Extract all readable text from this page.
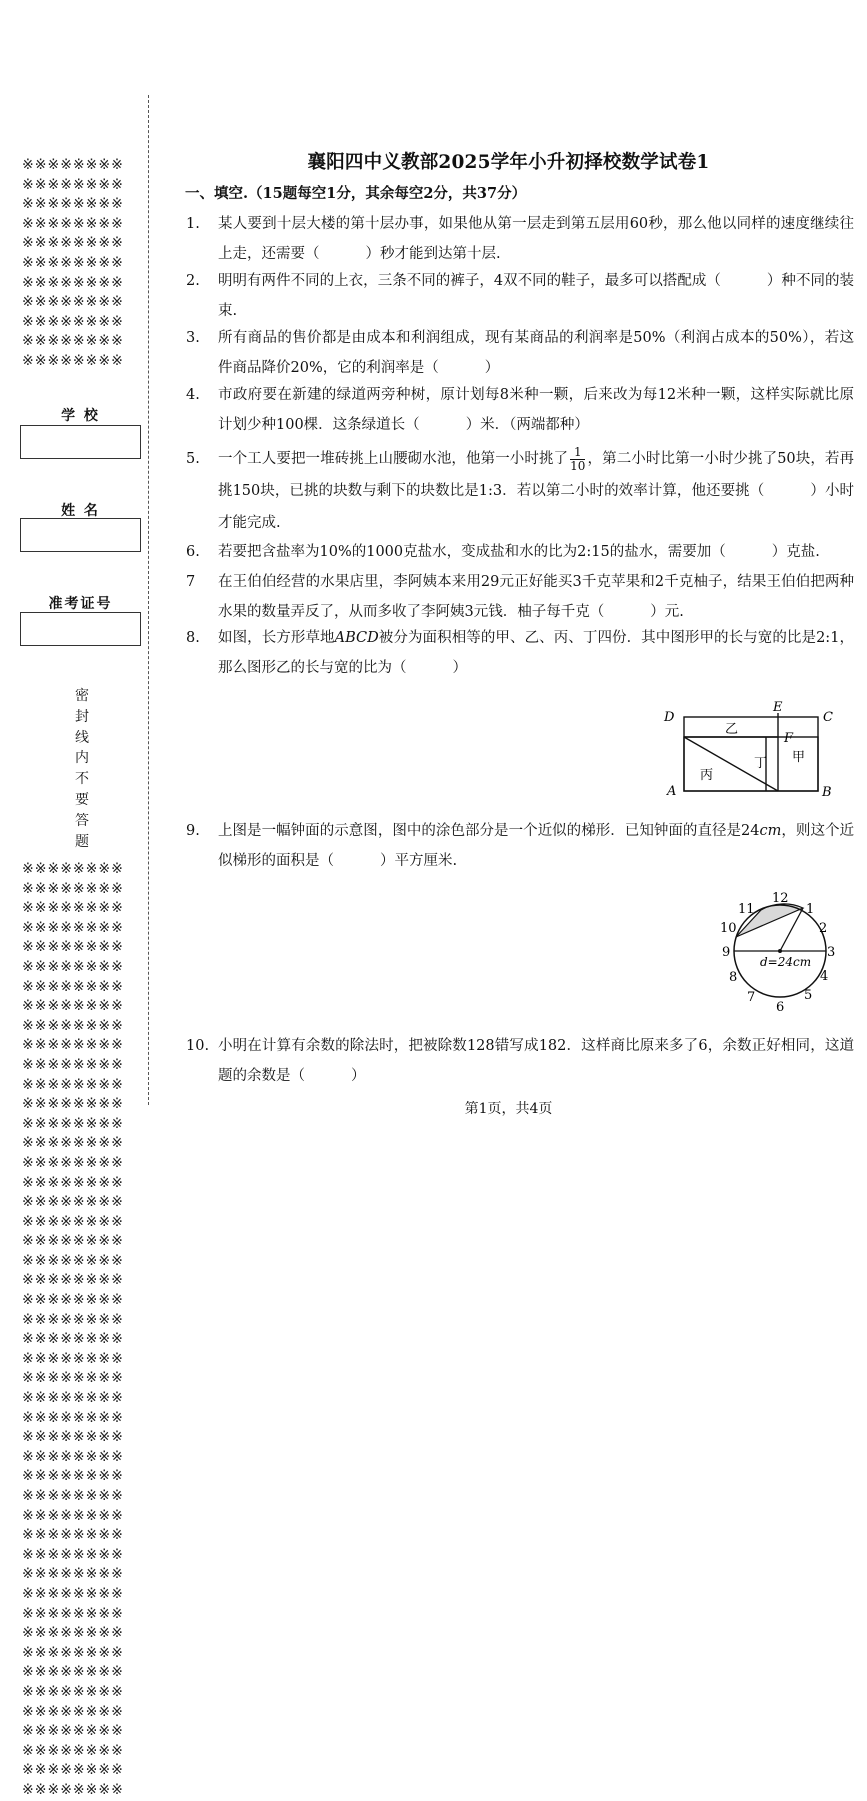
※※※※※※※※
※※※※※※※※
※※※※※※※※
※※※※※※※※
※※※※※※※※
※※※※※※※※
※※※※※※※※
※※※※※※※※
※※※※※※※※
※※※※※※※※
※※※※※※※※
学 校
姓 名
准考证号
密封线内不要答题
※※※※※※※※
※※※※※※※※
※※※※※※※※
※※※※※※※※
※※※※※※※※
※※※※※※※※
※※※※※※※※
※※※※※※※※
※※※※※※※※
※※※※※※※※
※※※※※※※※
※※※※※※※※
※※※※※※※※
※※※※※※※※
※※※※※※※※
※※※※※※※※
※※※※※※※※
※※※※※※※※
※※※※※※※※
※※※※※※※※
※※※※※※※※
※※※※※※※※
※※※※※※※※
※※※※※※※※
※※※※※※※※
※※※※※※※※
※※※※※※※※
※※※※※※※※
※※※※※※※※
※※※※※※※※
※※※※※※※※
※※※※※※※※
※※※※※※※※
※※※※※※※※
※※※※※※※※
※※※※※※※※
※※※※※※※※
※※※※※※※※
※※※※※※※※
※※※※※※※※
※※※※※※※※
※※※※※※※※
※※※※※※※※
※※※※※※※※
※※※※※※※※
※※※※※※※※
※※※※※※※※
※※※※※※※※
襄阳四中义教部2025学年小升初择校数学试卷1
一、填空.（15题每空1分，其余每空2分，共37分）
1.	某人要到十层大楼的第十层办事，如果他从第一层走到第五层用60秒，那么他以同样的速度继续往上走，还需要（	）秒才能到达第十层.
2.	明明有两件不同的上衣，三条不同的裤子，4双不同的鞋子，最多可以搭配成（	）种不同的装束.
3.	所有商品的售价都是由成本和利润组成，现有某商品的利润率是50%（利润占成本的50%），若这件商品降价20%，它的利润率是（	）
4.	市政府要在新建的绿道两旁种树，原计划每8米种一颗，后来改为每12米种一颗，这样实际就比原计划少种100棵．这条绿道长（	）米．（两端都种）
5.	一个工人要把一堆砖挑上山腰砌水池，他第一小时挑了 $\frac{1}{10}$ ，第二小时比第一小时少挑了50块，若再挑150块，已挑的块数与剩下的块数比是1:3．若以第二小时的效率计算，他还要挑（	）小时才能完成.
6.	若要把含盐率为10%的1000克盐水，变成盐和水的比为2:15的盐水，需要加（	）克盐.
7	在王伯伯经营的水果店里，李阿姨本来用29元正好能买3千克苹果和2千克柚子，结果王伯伯把两种水果的数量弄反了，从而多收了李阿姨3元钱．柚子每千克（	）元.
8.	如图，长方形草地ABCD被分为面积相等的甲、乙、丙、丁四份．其中图形甲的长与宽的比是2:1，那么图形乙的长与宽的比为（	）
D
E
C
A	B
F
乙
丁 甲
丙
9.	上图是一幅钟面的示意图，图中的涂色部分是一个近似的梯形．已知钟面的直径是24cm，则这个近似梯形的面积是（	）平方厘米.
12
1
2
3
4
5
6
7
8
9
10
11
d=24cm
10. 小明在计算有余数的除法时，把被除数128错写成182．这样商比原来多了6，余数正好相同，这道题的余数是（	）
第1页，共4页
